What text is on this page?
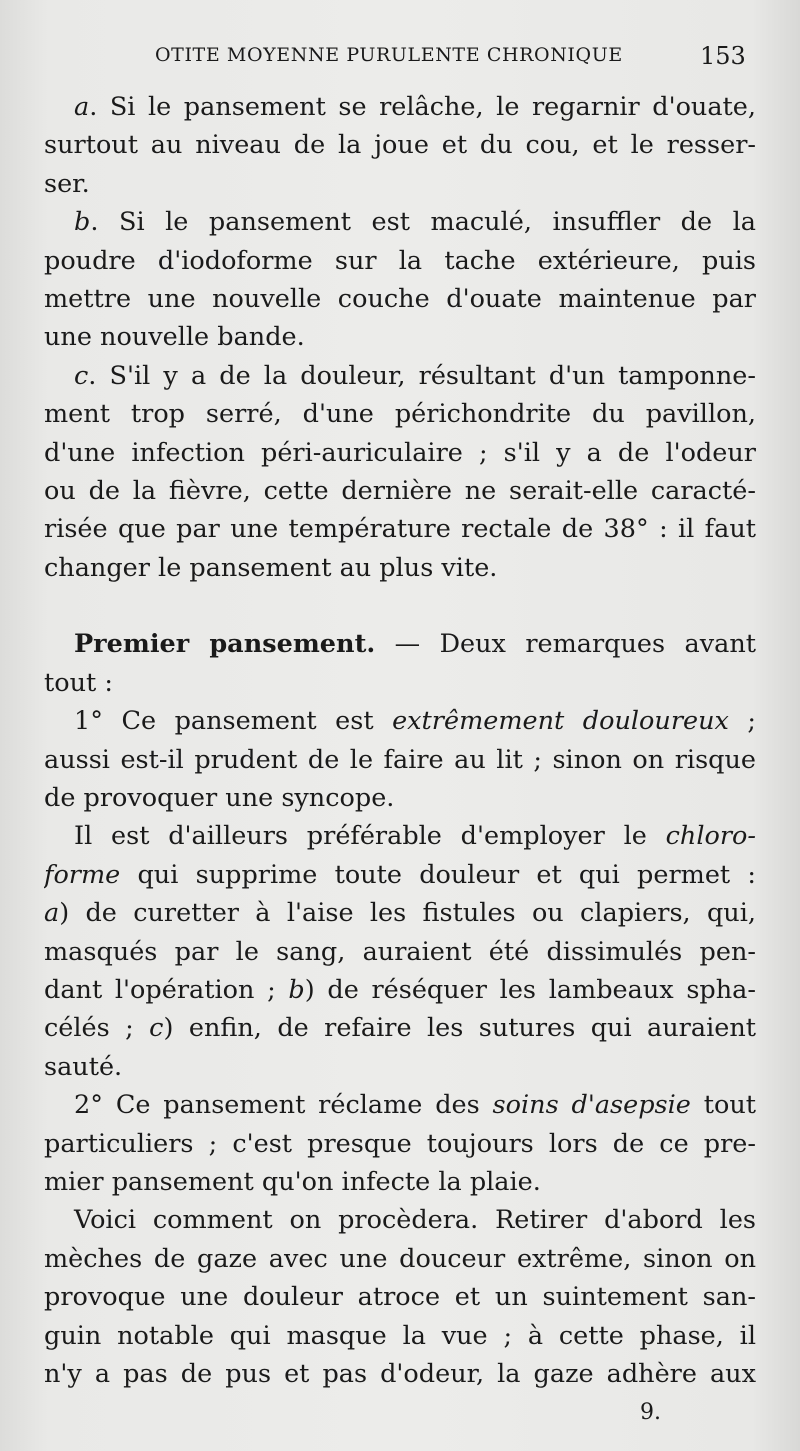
OTITE MOYENNE PURULENTE CHRONIQUE	153
a. Si le pansement se relâche, le regarnir d'ouate,
surtout au niveau de la joue et du cou, et le resser-
ser.
b. Si le pansement est maculé, insuffler de la
poudre d'iodoforme sur la tache extérieure, puis
mettre une nouvelle couche d'ouate maintenue par
une nouvelle bande.
c. S'il y a de la douleur, résultant d'un tamponne-
ment trop serré, d'une périchondrite du pavillon,
d'une infection péri-auriculaire ; s'il y a de l'odeur
ou de la fièvre, cette dernière ne serait-elle caracté-
risée que par une température rectale de 38° : il faut
changer le pansement au plus vite.
Premier pansement. — Deux remarques avant
tout :
1° Ce pansement est extrêmement douloureux ;
aussi est-il prudent de le faire au lit ; sinon on risque
de provoquer une syncope.
Il est d'ailleurs préférable d'employer le chloro-
forme qui supprime toute douleur et qui permet :
a) de curetter à l'aise les fistules ou clapiers, qui,
masqués par le sang, auraient été dissimulés pen-
dant l'opération ; b) de réséquer les lambeaux spha-
célés ; c) enfin, de refaire les sutures qui auraient
sauté.
2° Ce pansement réclame des soins d'asepsie tout
particuliers ; c'est presque toujours lors de ce pre-
mier pansement qu'on infecte la plaie.
Voici comment on procèdera. Retirer d'abord les
mèches de gaze avec une douceur extrême, sinon on
provoque une douleur atroce et un suintement san-
guin notable qui masque la vue ; à cette phase, il
n'y a pas de pus et pas d'odeur, la gaze adhère aux
9.
